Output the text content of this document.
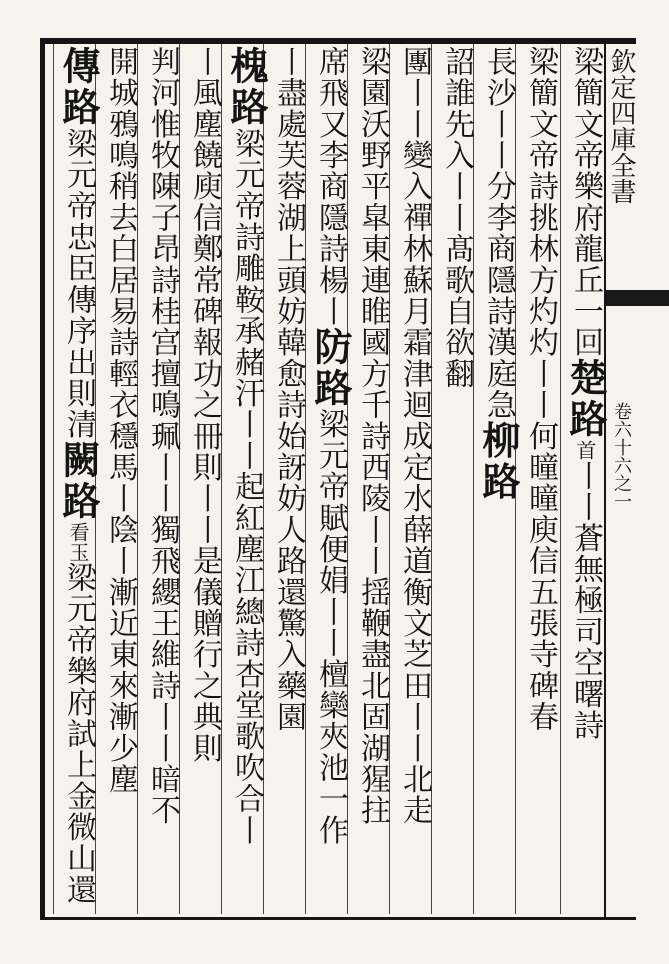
欽定四庫全書
卷六十六之一
梁簡文帝樂府龍丘一回楚路首丨丨蒼無極司空曙詩
梁簡文帝詩挑林方灼灼丨丨何曈曈庾信五張寺碑春
長沙丨丨分李商隱詩漢庭急柳路
詔誰先入丨丨髙歌自欲翻
團丨丨變入禪林蘇月霜津迴成定水薛道衡文芝田丨丨北走
梁園沃野平皐東連睢國方千詩西陵丨丨揺鞭盡北固湖猩拄
席飛又李商隱詩楊丨防路梁元帝賦便娟丨丨檀欒夾池一作
丨盡處芙蓉湖上頭妨韓愈詩始訝妨人路還驚入藥園
槐路梁元帝詩雕鞍承赭汗丨丨起紅塵江總詩杏堂歌吹合丨
丨風塵饒庾信鄭常碑報功之冊則丨丨是儀贈行之典則
判河惟牧陳子昂詩桂宫擅鳴珮丨丨獨飛纓王維詩丨丨暗不
開城鴉鳴稍去白居易詩輕衣穩馬丨陰丨漸近東來漸少塵
傳路梁元帝忠臣傳序出則清闕路看玉梁元帝樂府試上金微山還
